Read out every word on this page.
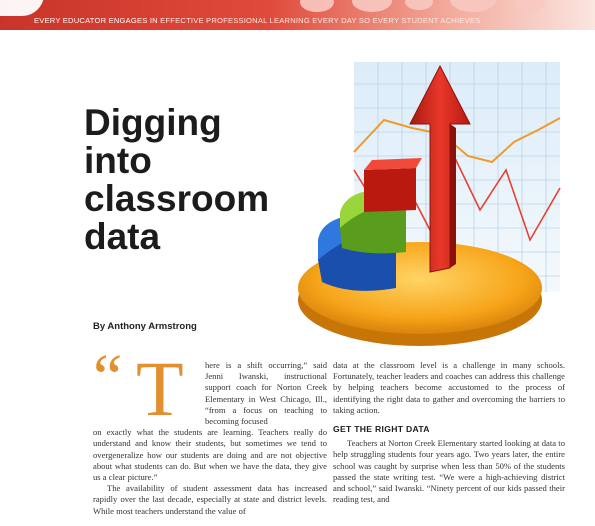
EVERY EDUCATOR ENGAGES IN EFFECTIVE PROFESSIONAL LEARNING EVERY DAY SO EVERY STUDENT ACHIEVES
Digging
into
classroom
data
By Anthony Armstrong
“ T	here is a shift occurring,” said Jenni Iwanski, instructional support coach for Norton Creek Elementary in West Chicago, Ill., “from a focus on teaching to becoming focused
on exactly what the students are learning. Teachers really do understand and know their students, but sometimes we tend to overgeneralize how our students are doing and are not objective about what students can do. But when we have the data, they give us a clear picture.”

The availability of student assessment data has increased rapidly over the last decade, especially at state and district levels. While most teachers understand the value of

data at the classroom level is a challenge in many schools. Fortunately, teacher leaders and coaches can address this challenge by helping teachers become accustomed to the process of identifying the right data to gather and overcoming the barriers to taking action.

GET THE RIGHT DATA

Teachers at Norton Creek Elementary started looking at data to help struggling students four years ago. Two years later, the entire school was caught by surprise when less than 50% of the students passed the state writing test. “We were a high-achieving district and school,” said Iwanski. “Ninety percent of our kids passed their reading test, and
